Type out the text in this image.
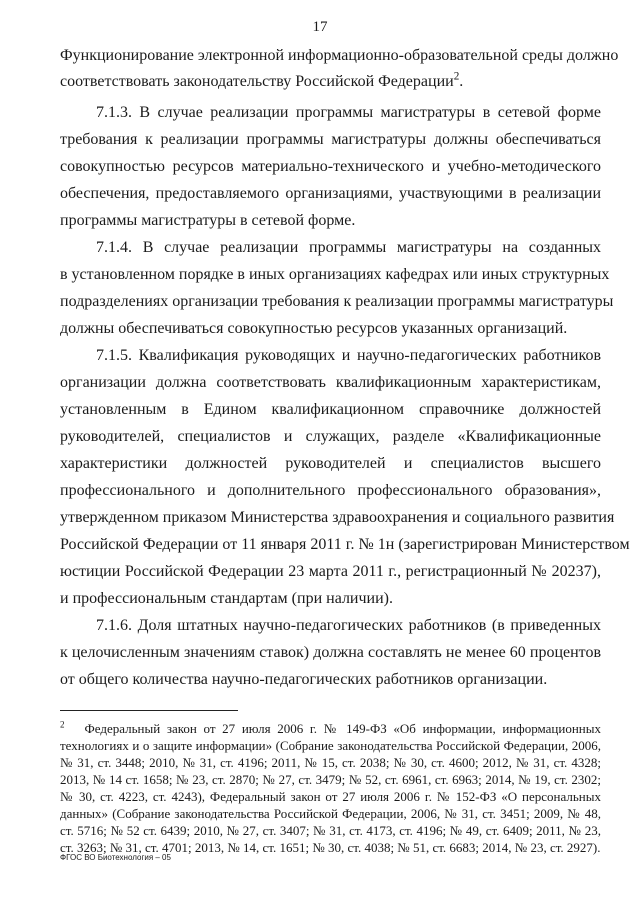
17
Функционирование электронной информационно-образовательной среды должно
соответствовать законодательству Российской Федерации$^2$.
7.1.3. В случае реализации программы магистратуры в сетевой форме
требования к реализации программы магистратуры должны обеспечиваться
совокупностью ресурсов материально-технического и учебно-методического
обеспечения, предоставляемого организациями, участвующими в реализации
программы магистратуры в сетевой форме.
7.1.4. В случае реализации программы магистратуры на созданных
в установленном порядке в иных организациях кафедрах или иных структурных
подразделениях организации требования к реализации программы магистратуры
должны обеспечиваться совокупностью ресурсов указанных организаций.
7.1.5. Квалификация руководящих и научно-педагогических работников
организации должна соответствовать квалификационным характеристикам,
установленным в Едином квалификационном справочнике должностей
руководителей, специалистов и служащих, разделе «Квалификационные
характеристики должностей руководителей и специалистов высшего
профессионального и дополнительного профессионального образования»,
утвержденном приказом Министерства здравоохранения и социального развития
Российской Федерации от 11 января 2011 г. № 1н (зарегистрирован Министерством
юстиции Российской Федерации 23 марта 2011 г., регистрационный № 20237),
и профессиональным стандартам (при наличии).
7.1.6. Доля штатных научно-педагогических работников (в приведенных
к целочисленным значениям ставок) должна составлять не менее 60 процентов
от общего количества научно-педагогических работников организации.
$^2$ Федеральный закон от 27 июля 2006 г. № 149-ФЗ «Об информации, информационных
технологиях и о защите информации» (Собрание законодательства Российской Федерации, 2006,
№ 31, ст. 3448; 2010, № 31, ст. 4196; 2011, № 15, ст. 2038; № 30, ст. 4600; 2012, № 31, ст. 4328;
2013, № 14 ст. 1658; № 23, ст. 2870; № 27, ст. 3479; № 52, ст. 6961, ст. 6963; 2014, № 19, ст. 2302;
№ 30, ст. 4223, ст. 4243), Федеральный закон от 27 июля 2006 г. № 152-ФЗ «О персональных
данных» (Собрание законодательства Российской Федерации, 2006, № 31, ст. 3451; 2009, № 48,
ст. 5716; № 52 ст. 6439; 2010, № 27, ст. 3407; № 31, ст. 4173, ст. 4196; № 49, ст. 6409; 2011, № 23,
ст. 3263; № 31, ст. 4701; 2013, № 14, ст. 1651; № 30, ст. 4038; № 51, ст. 6683; 2014, № 23, ст. 2927).
ФГОС ВО Биотехнология – 05
